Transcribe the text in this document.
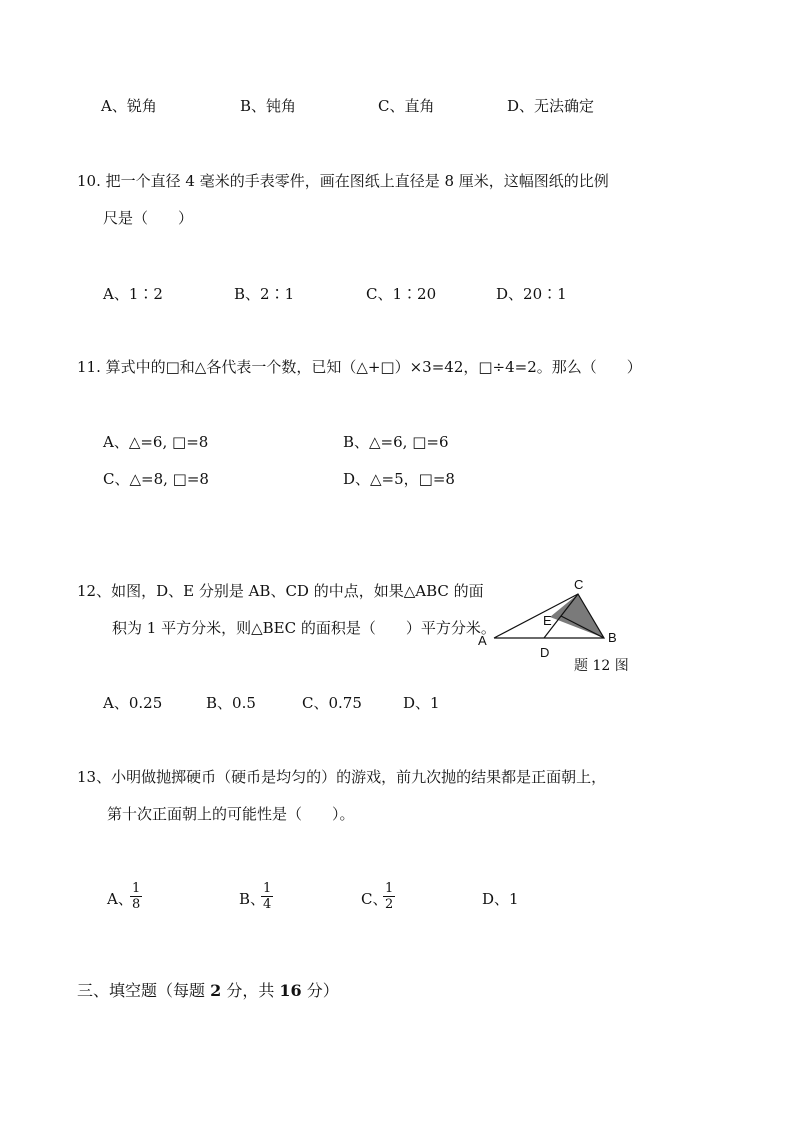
A、锐角	B、钝角	C、直角	D、无法确定
10. 把一个直径 4 毫米的手表零件，画在图纸上直径是 8 厘米，这幅图纸的比例
尺是（　　）
A、1∶2	B、2∶1	C、1∶20	D、20∶1
11. 算式中的□和△各代表一个数，已知（△+□）×3=42，□÷4=2。那么（　　）
A、△=6, □=8	B、△=6, □=6
C、△=8, □=8	D、△=5，□=8
12、如图，D、E 分别是 AB、CD 的中点，如果△ABC 的面
积为 1 平方分米，则△BEC 的面积是（　　）平方分米。
C
E
A	B
D
题 12 图
A、0.25	B、0.5	C、0.75	D、1
13、小明做抛掷硬币（硬币是均匀的）的游戏，前九次抛的结果都是正面朝上，
第十次正面朝上的可能性是（　　）。
A、
$\frac{1}{8}$	B、
$\frac{1}{4}$	C、
$\frac{1}{2}$	D、1
三、填空题（每题 2 分，共 16 分）
